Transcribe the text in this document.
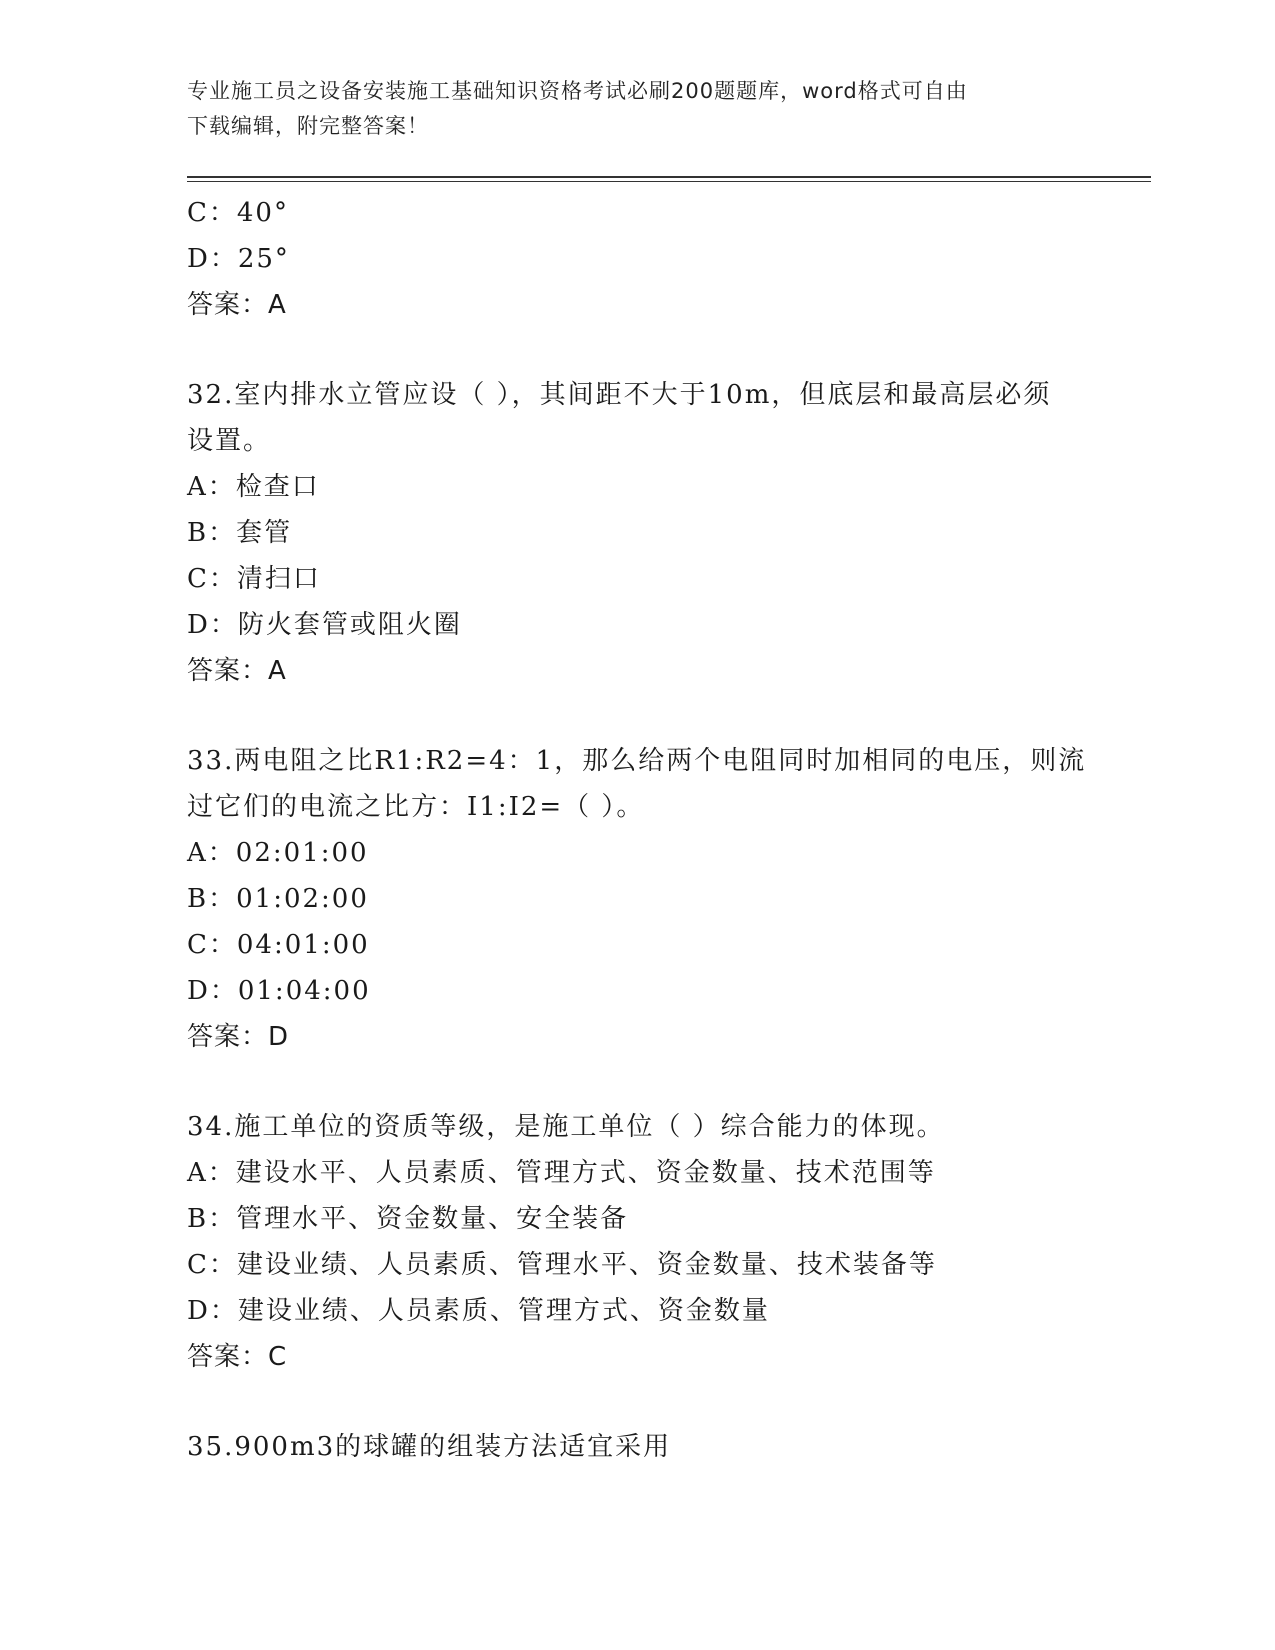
专业施工员之设备安装施工基础知识资格考试必刷200题题库，word格式可自由
下载编辑，附完整答案！
C：40°
D：25°
答案：A
32.室内排水立管应设（ ），其间距不大于10m，但底层和最高层必须
设置。
A：检查口
B：套管
C：清扫口
D：防火套管或阻火圈
答案：A
33.两电阻之比R1:R2=4：1，那么给两个电阻同时加相同的电压，则流
过它们的电流之比方：I1:I2=（ ）。
A：02:01:00
B：01:02:00
C：04:01:00
D：01:04:00
答案：D
34.施工单位的资质等级，是施工单位（ ）综合能力的体现。
A：建设水平、人员素质、管理方式、资金数量、技术范围等
B：管理水平、资金数量、安全装备
C：建设业绩、人员素质、管理水平、资金数量、技术装备等
D：建设业绩、人员素质、管理方式、资金数量
答案：C
35.900m3的球罐的组装方法适宜采用
